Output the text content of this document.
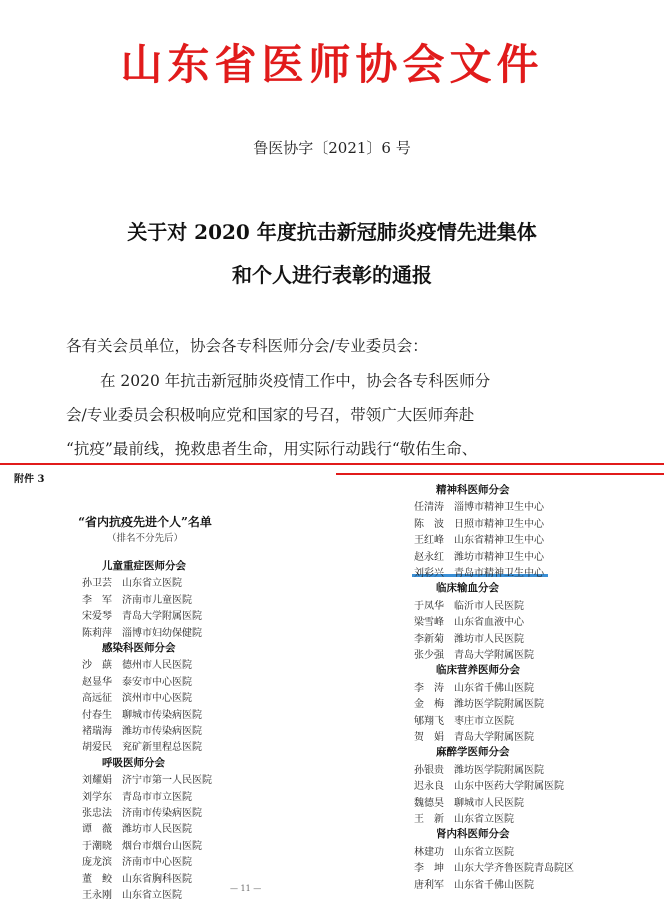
山东省医师协会文件
鲁医协字〔2021〕6 号
关于对 2020 年度抗击新冠肺炎疫情先进集体
和个人进行表彰的通报
各有关会员单位，协会各专科医师分会/专业委员会：
在 2020 年抗击新冠肺炎疫情工作中，协会各专科医师分
会/专业委员会积极响应党和国家的号召，带领广大医师奔赴
“抗疫”最前线，挽救患者生命，用实际行动践行“敬佑生命、
附件 3
“省内抗疫先进个人”名单
（排名不分先后）
儿童重症医师分会
孙卫芸 山东省立医院
李　军 济南市儿童医院
宋爱琴 青岛大学附属医院
陈莉萍 淄博市妇幼保健院
感染科医师分会
沙　蕻 德州市人民医院
赵显华 泰安市中心医院
高远征 滨州市中心医院
付春生 聊城市传染病医院
褚瑞海 潍坊市传染病医院
胡爱民 兖矿新里程总医院
呼吸医师分会
刘耀娟 济宁市第一人民医院
刘学东 青岛市市立医院
张忠法 济南市传染病医院
谭　薇 潍坊市人民医院
于潮晓 烟台市烟台山医院
庞龙滨 济南市中心医院
董　鲛 山东省胸科医院
王永刚 山东省立医院
精神科医师分会
任清涛 淄博市精神卫生中心
陈　波 日照市精神卫生中心
王红峰 山东省精神卫生中心
赵永红 潍坊市精神卫生中心
刘彩兴 青岛市精神卫生中心
临床输血分会
于凤华 临沂市人民医院
梁雪峰 山东省血液中心
李新菊 潍坊市人民医院
张少强 青岛大学附属医院
临床营养医师分会
李　涛 山东省千佛山医院
金　梅 潍坊医学院附属医院
郇翔飞 枣庄市立医院
贺　娟 青岛大学附属医院
麻醉学医师分会
孙银贵 潍坊医学院附属医院
迟永良 山东中医药大学附属医院
魏德昊 聊城市人民医院
王　新 山东省立医院
肾内科医师分会
林建功 山东省立医院
李　坤 山东大学齐鲁医院青岛院区
唐利军 山东省千佛山医院
— 11 —
